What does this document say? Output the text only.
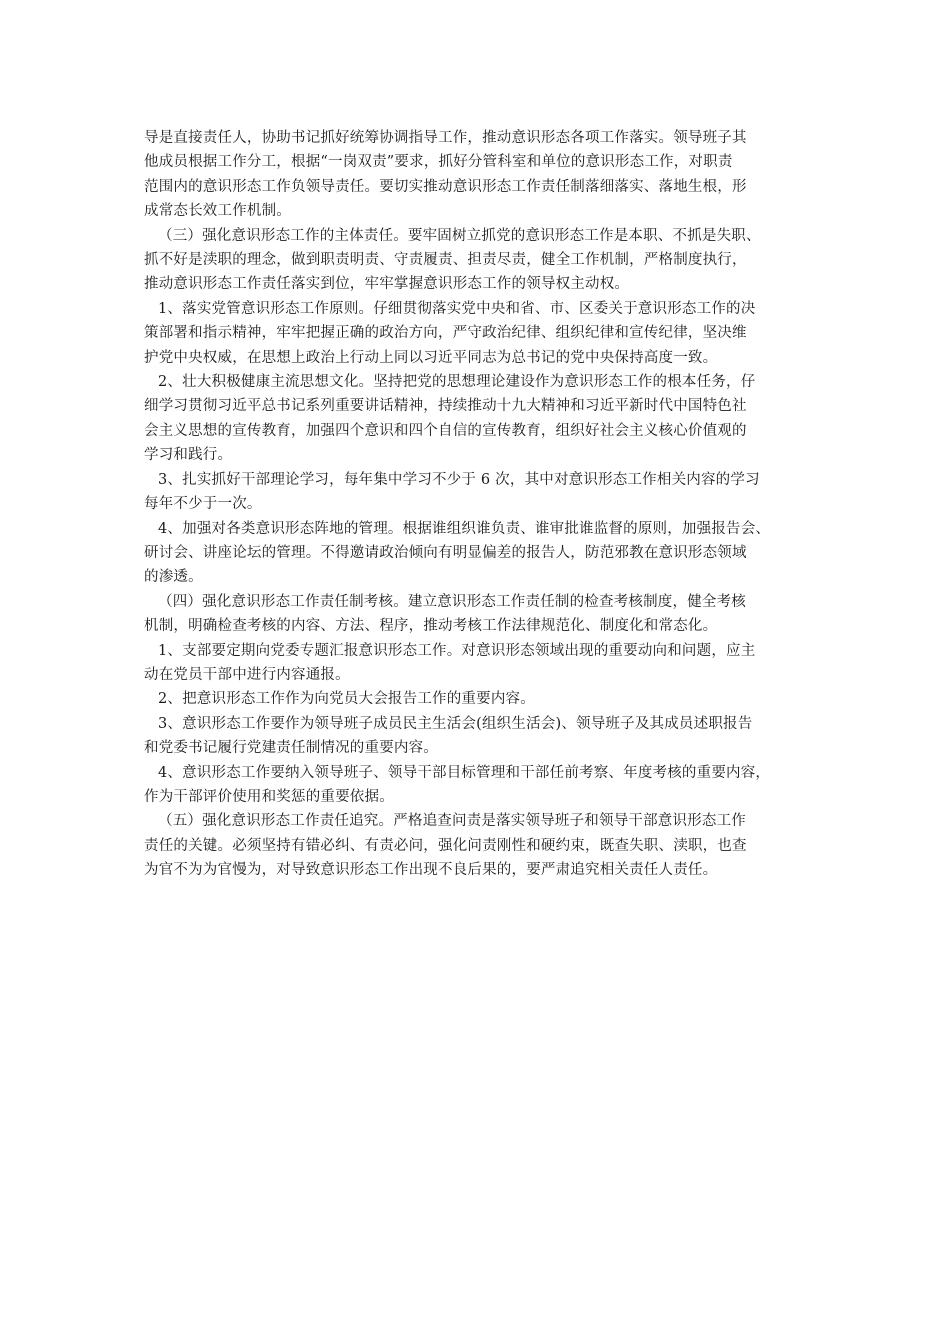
导是直接责任人，协助书记抓好统筹协调指导工作，推动意识形态各项工作落实。领导班子其
他成员根据工作分工，根据“一岗双责”要求，抓好分管科室和单位的意识形态工作，对职责
范围内的意识形态工作负领导责任。要切实推动意识形态工作责任制落细落实、落地生根，形
成常态长效工作机制。

（三）强化意识形态工作的主体责任。要牢固树立抓党的意识形态工作是本职、不抓是失职、
抓不好是渎职的理念，做到职责明责、守责履责、担责尽责，健全工作机制，严格制度执行，
推动意识形态工作责任落实到位，牢牢掌握意识形态工作的领导权主动权。

1、落实党管意识形态工作原则。仔细贯彻落实党中央和省、市、区委关于意识形态工作的决
策部署和指示精神，牢牢把握正确的政治方向，严守政治纪律、组织纪律和宣传纪律，坚决维
护党中央权威，在思想上政治上行动上同以习近平同志为总书记的党中央保持高度一致。

2、壮大积极健康主流思想文化。坚持把党的思想理论建设作为意识形态工作的根本任务，仔
细学习贯彻习近平总书记系列重要讲话精神，持续推动十九大精神和习近平新时代中国特色社
会主义思想的宣传教育，加强四个意识和四个自信的宣传教育，组织好社会主义核心价值观的
学习和践行。

3、扎实抓好干部理论学习，每年集中学习不少于 6 次，其中对意识形态工作相关内容的学习
每年不少于一次。

4、加强对各类意识形态阵地的管理。根据谁组织谁负责、谁审批谁监督的原则，加强报告会、
研讨会、讲座论坛的管理。不得邀请政治倾向有明显偏差的报告人，防范邪教在意识形态领域
的渗透。

（四）强化意识形态工作责任制考核。建立意识形态工作责任制的检查考核制度，健全考核
机制，明确检查考核的内容、方法、程序，推动考核工作法律规范化、制度化和常态化。

1、支部要定期向党委专题汇报意识形态工作。对意识形态领域出现的重要动向和问题，应主
动在党员干部中进行内容通报。

2、把意识形态工作作为向党员大会报告工作的重要内容。

3、意识形态工作要作为领导班子成员民主生活会(组织生活会)、领导班子及其成员述职报告
和党委书记履行党建责任制情况的重要内容。

4、意识形态工作要纳入领导班子、领导干部目标管理和干部任前考察、年度考核的重要内容，
作为干部评价使用和奖惩的重要依据。

（五）强化意识形态工作责任追究。严格追查问责是落实领导班子和领导干部意识形态工作
责任的关键。必须坚持有错必纠、有责必问，强化问责刚性和硬约束，既查失职、渎职，也查
为官不为为官慢为，对导致意识形态工作出现不良后果的，要严肃追究相关责任人责任。
